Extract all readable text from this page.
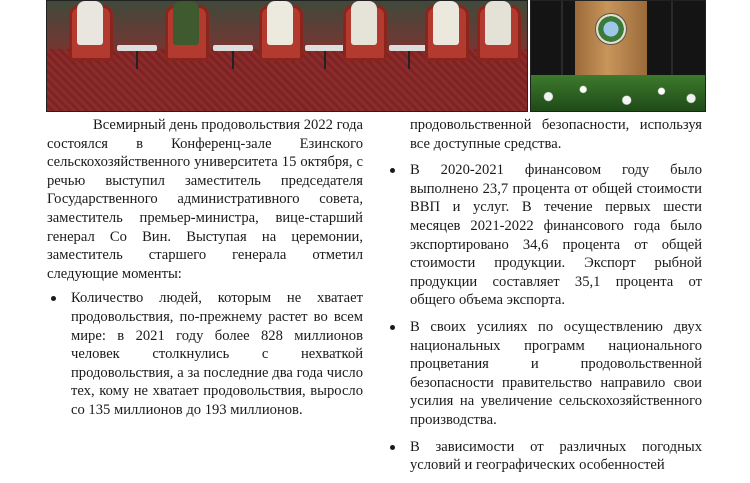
Всемирный день продовольствия 2022 года состоялся в Конференц-зале Езинского сельскохозяйственного университета 15 октября, с речью выступил заместитель председателя Государственного административного совета, заместитель премьер-министра, вице-старший генерал Со Вин. Выступая на церемонии, заместитель старшего генерала отметил следующие моменты:

Количество людей, которым не хватает продовольствия, по-прежнему растет во всем мире: в 2021 году более 828 миллионов человек столкнулись с нехваткой продовольствия, а за последние два года число тех, кому не хватает продовольствия, выросло со 135 миллионов до 193 миллионов.

продовольственной безопасности, используя все доступные средства.

В 2020-2021 финансовом году было выполнено 23,7 процента от общей стоимости ВВП и услуг. В течение первых шести месяцев 2021-2022 финансового года было экспортировано 34,6 процента от общей стоимости продукции. Экспорт рыбной продукции составляет 35,1 процента от общего объема экспорта.
В своих усилиях по осуществлению двух национальных программ национального процветания и продовольственной безопасности правительство направило свои усилия на увеличение сельскохозяйственного производства.
В зависимости от различных погодных условий и географических особенностей
